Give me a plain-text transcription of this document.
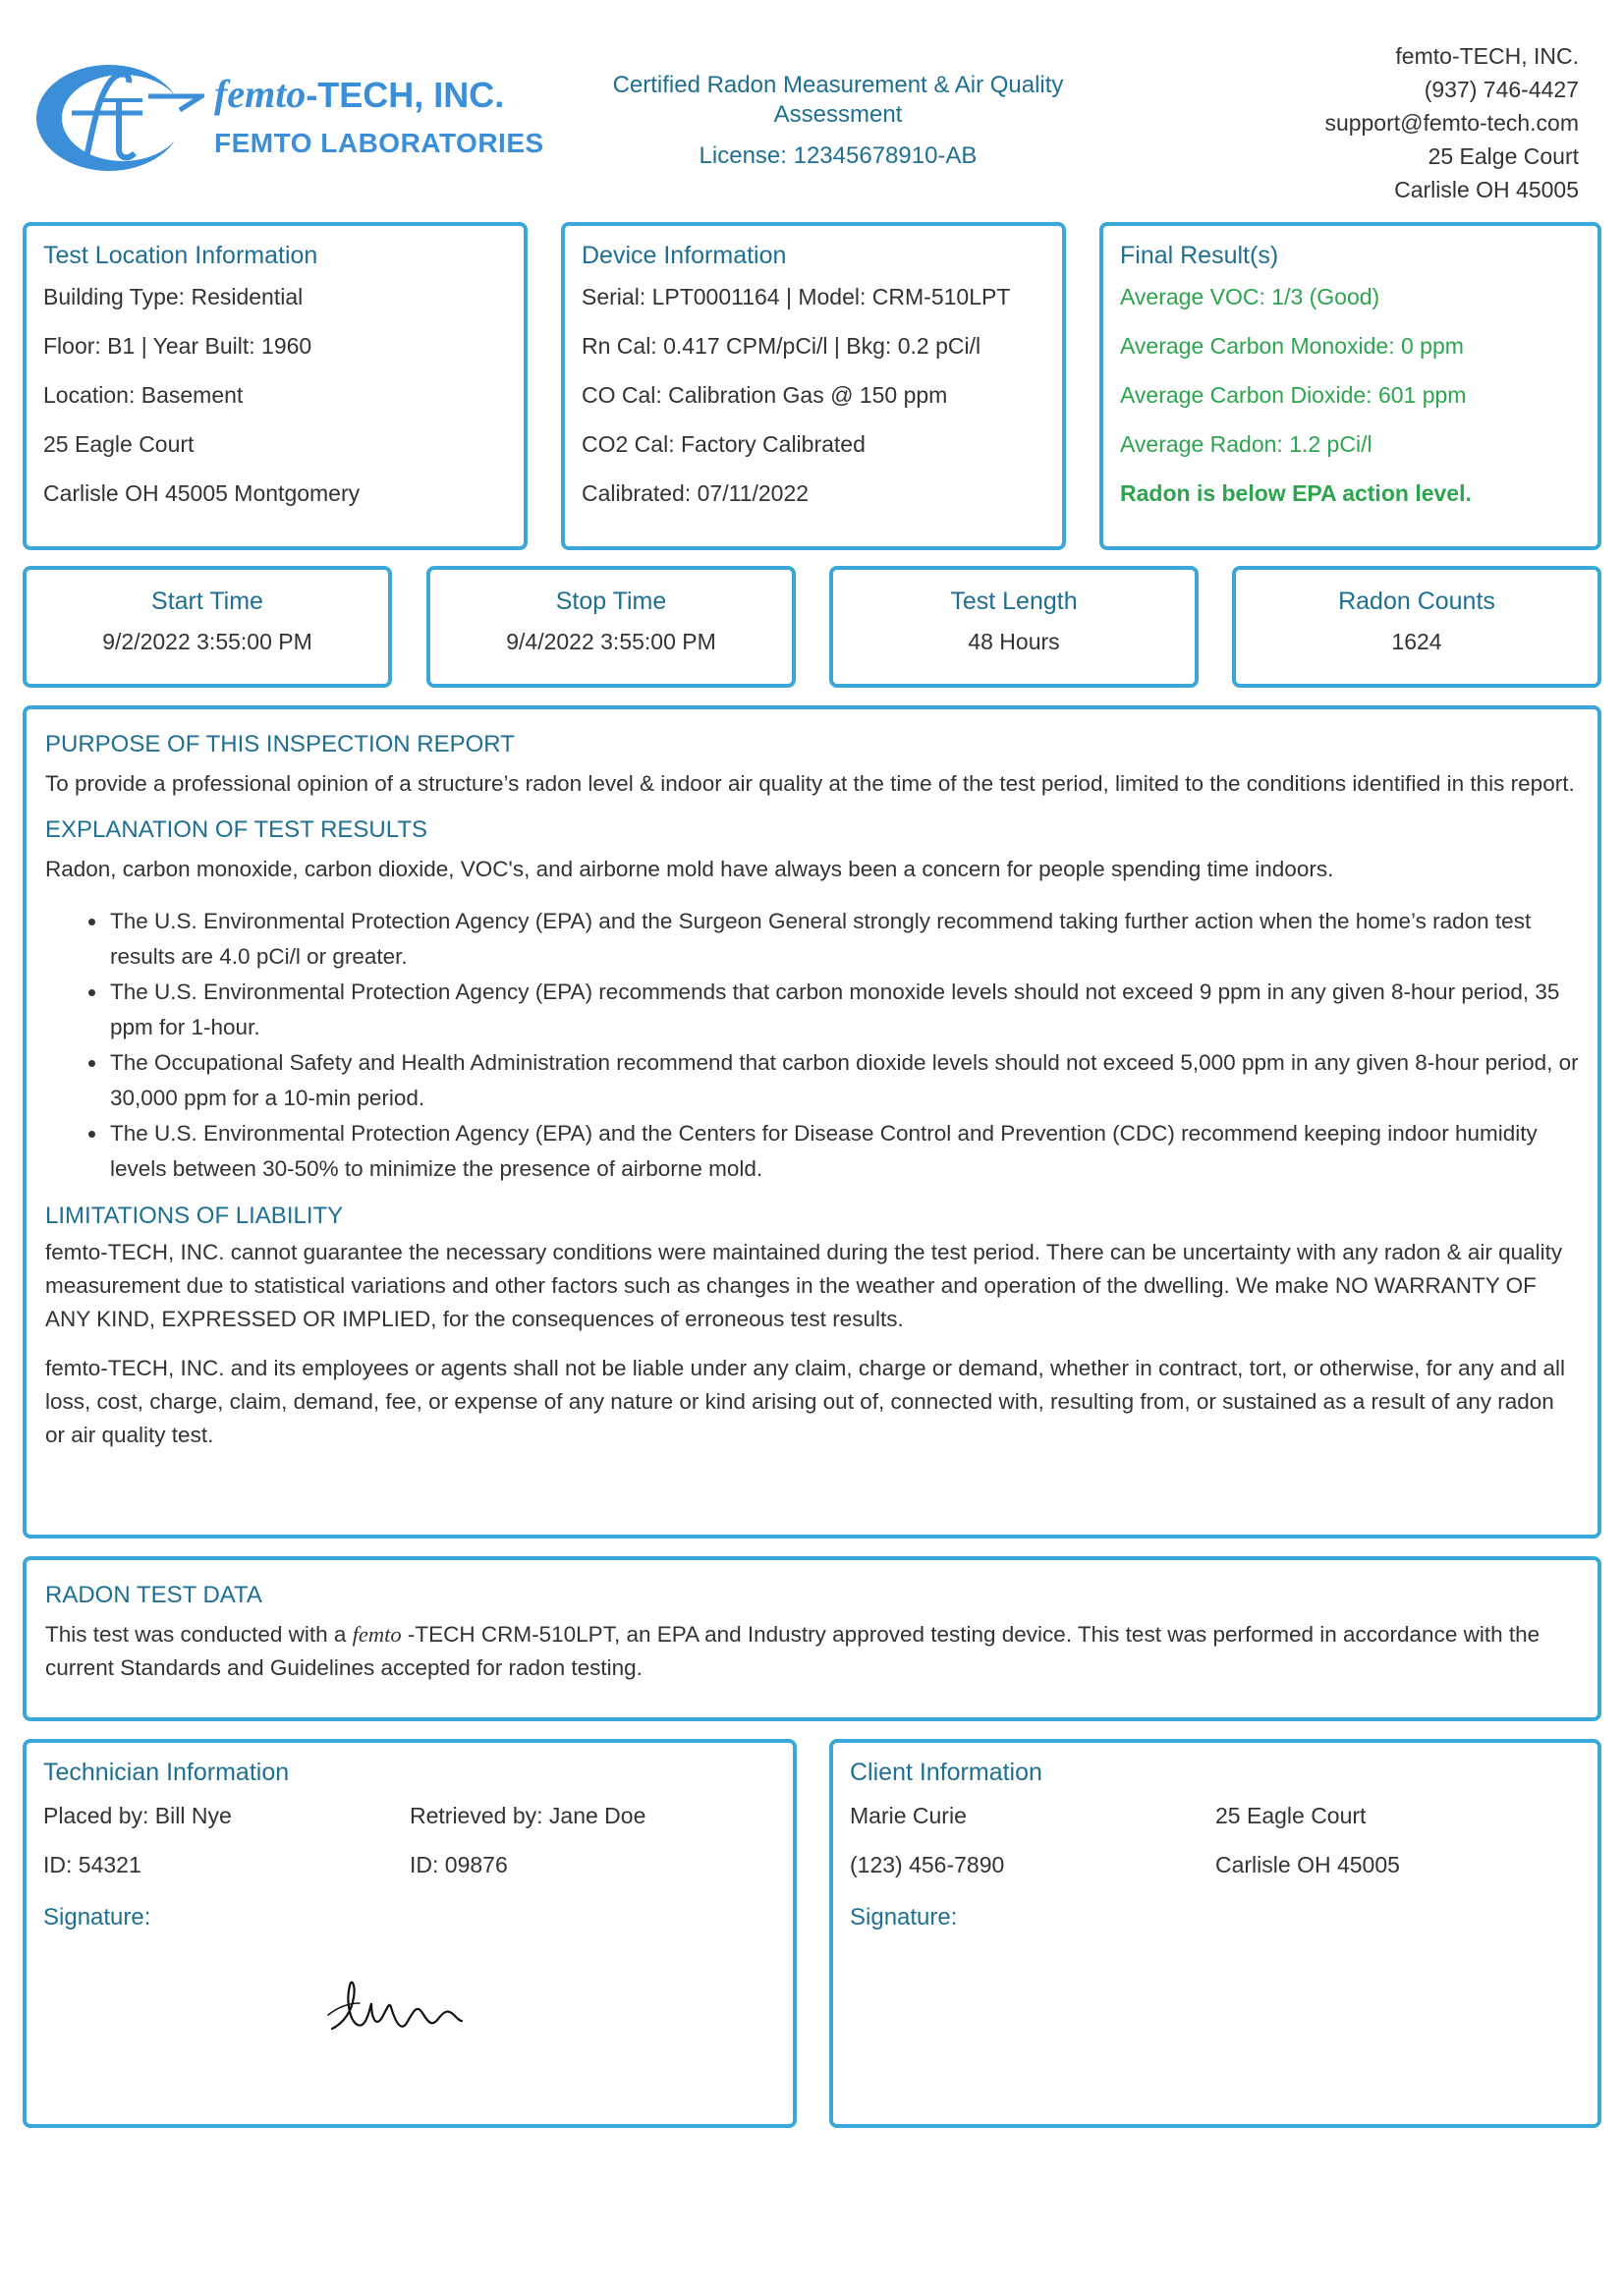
femto-TECH, INC.
FEMTO LABORATORIES
Certified Radon Measurement & Air Quality Assessment
License: 12345678910-AB
femto-TECH, INC.
(937) 746-4427
support@femto-tech.com
25 Ealge Court
Carlisle OH 45005
Test Location Information
Building Type: Residential
Floor: B1 | Year Built: 1960
Location: Basement
25 Eagle Court
Carlisle OH 45005 Montgomery
Device Information
Serial: LPT0001164 | Model: CRM-510LPT
Rn Cal: 0.417 CPM/pCi/l | Bkg: 0.2 pCi/l
CO Cal: Calibration Gas @ 150 ppm
CO2 Cal: Factory Calibrated
Calibrated: 07/11/2022
Final Result(s)
Average VOC: 1/3 (Good)
Average Carbon Monoxide: 0 ppm
Average Carbon Dioxide: 601 ppm
Average Radon: 1.2 pCi/l
Radon is below EPA action level.
Start Time
9/2/2022 3:55:00 PM
Stop Time
9/4/2022 3:55:00 PM
Test Length
48 Hours
Radon Counts
1624
PURPOSE OF THIS INSPECTION REPORT
To provide a professional opinion of a structure’s radon level & indoor air quality at the time of the test period, limited to the conditions identified in this report.
EXPLANATION OF TEST RESULTS
Radon, carbon monoxide, carbon dioxide, VOC's, and airborne mold have always been a concern for people spending time indoors.
• The U.S. Environmental Protection Agency (EPA) and the Surgeon General strongly recommend taking further action when the home’s radon test results are 4.0 pCi/l or greater.
• The U.S. Environmental Protection Agency (EPA) recommends that carbon monoxide levels should not exceed 9 ppm in any given 8-hour period, 35 ppm for 1-hour.
• The Occupational Safety and Health Administration recommend that carbon dioxide levels should not exceed 5,000 ppm in any given 8-hour period, or 30,000 ppm for a 10-min period.
• The U.S. Environmental Protection Agency (EPA) and the Centers for Disease Control and Prevention (CDC) recommend keeping indoor humidity levels between 30-50% to minimize the presence of airborne mold.
LIMITATIONS OF LIABILITY
femto-TECH, INC. cannot guarantee the necessary conditions were maintained during the test period. There can be uncertainty with any radon & air quality measurement due to statistical variations and other factors such as changes in the weather and operation of the dwelling. We make NO WARRANTY OF ANY KIND, EXPRESSED OR IMPLIED, for the consequences of erroneous test results.
femto-TECH, INC. and its employees or agents shall not be liable under any claim, charge or demand, whether in contract, tort, or otherwise, for any and all loss, cost, charge, claim, demand, fee, or expense of any nature or kind arising out of, connected with, resulting from, or sustained as a result of any radon or air quality test.
RADON TEST DATA
This test was conducted with a femto -TECH CRM-510LPT, an EPA and Industry approved testing device. This test was performed in accordance with the current Standards and Guidelines accepted for radon testing.
Technician Information
Placed by: Bill Nye
ID: 54321
Retrieved by: Jane Doe
ID: 09876
Signature:
Client Information
Marie Curie
(123) 456-7890
25 Eagle Court
Carlisle OH 45005
Signature:
